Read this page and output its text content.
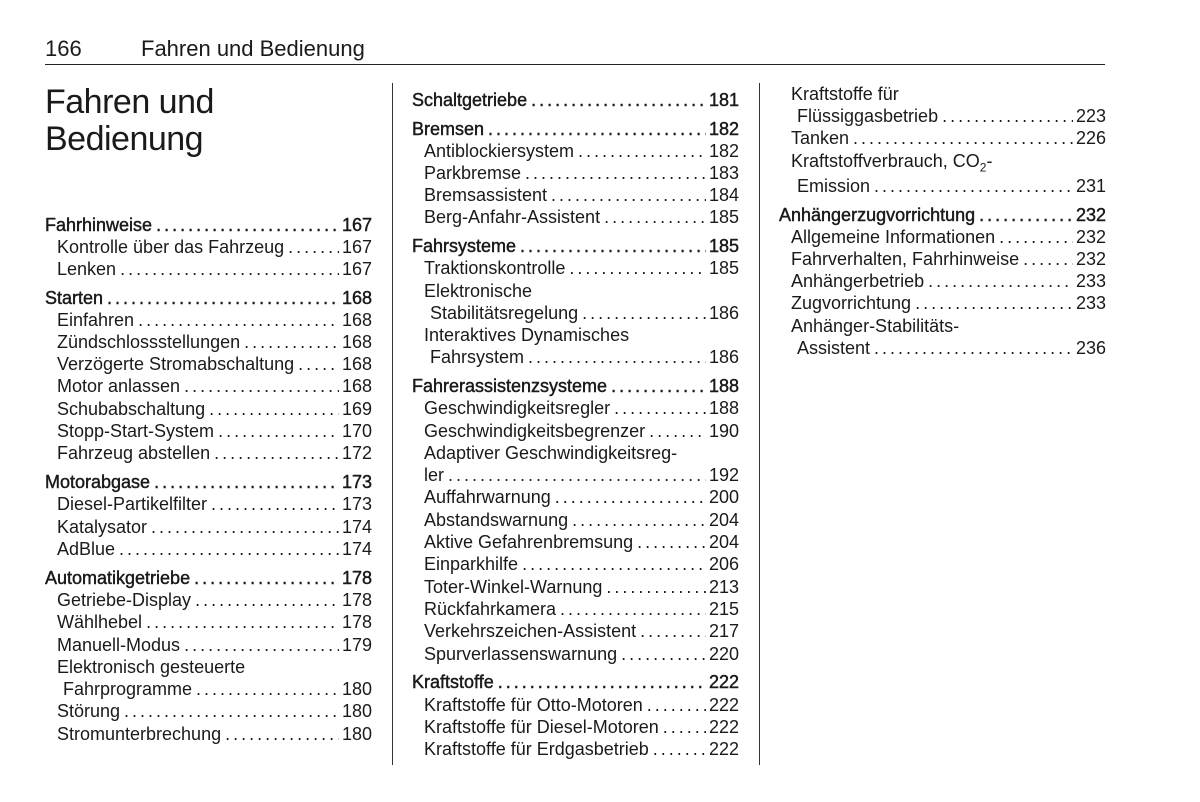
166	Fahren und Bedienung
Fahren und
Bedienung
Fahrhinweise . . .	167
Kontrolle über das Fahrzeug . . .	167
Lenken . . .	167
Starten . . .	168
Einfahren . . .	168
Zündschlossstellungen . . .	168
Verzögerte Stromabschaltung . . .	168
Motor anlassen . . .	168
Schubabschaltung . . .	169
Stopp-Start-System . . .	170
Fahrzeug abstellen . . .	172
Motorabgase . . .	173
Diesel-Partikelfilter . . .	173
Katalysator . . .	174
AdBlue . . .	174
Automatikgetriebe . . .	178
Getriebe-Display . . .	178
Wählhebel . . .	178
Manuell-Modus . . .	179
Elektronisch gesteuerte
Fahrprogramme . . .	180
Störung . . .	180
Stromunterbrechung . . .	180
Schaltgetriebe . . .	181
Bremsen . . .	182
Antiblockiersystem . . .	182
Parkbremse . . .	183
Bremsassistent . . .	184
Berg-Anfahr-Assistent . . .	185
Fahrsysteme . . .	185
Traktionskontrolle . . .	185
Elektronische
Stabilitätsregelung . . .	186
Interaktives Dynamisches
Fahrsystem . . .	186
Fahrerassistenzsysteme . . .	188
Geschwindigkeitsregler . . .	188
Geschwindigkeitsbegrenzer . . .	190
Adaptiver Geschwindigkeitsreg-
ler . . .	192
Auffahrwarnung . . .	200
Abstandswarnung . . .	204
Aktive Gefahrenbremsung . . .	204
Einparkhilfe . . .	206
Toter-Winkel-Warnung . . .	213
Rückfahrkamera . . .	215
Verkehrszeichen-Assistent . . .	217
Spurverlassenswarnung . . .	220
Kraftstoffe . . .	222
Kraftstoffe für Otto-Motoren . . .	222
Kraftstoffe für Diesel-Motoren . . .	222
Kraftstoffe für Erdgasbetrieb . . .	222
Kraftstoffe für
Flüssiggasbetrieb . . .	223
Tanken . . .	226
Kraftstoffverbrauch, $CO_2-$
Emission . . .	231
Anhängerzugvorrichtung . . .	232
Allgemeine Informationen . . .	232
Fahrverhalten, Fahrhinweise . . .	232
Anhängerbetrieb . . .	233
Zugvorrichtung . . .	233
Anhänger-Stabilitäts-
Assistent . . .	236
